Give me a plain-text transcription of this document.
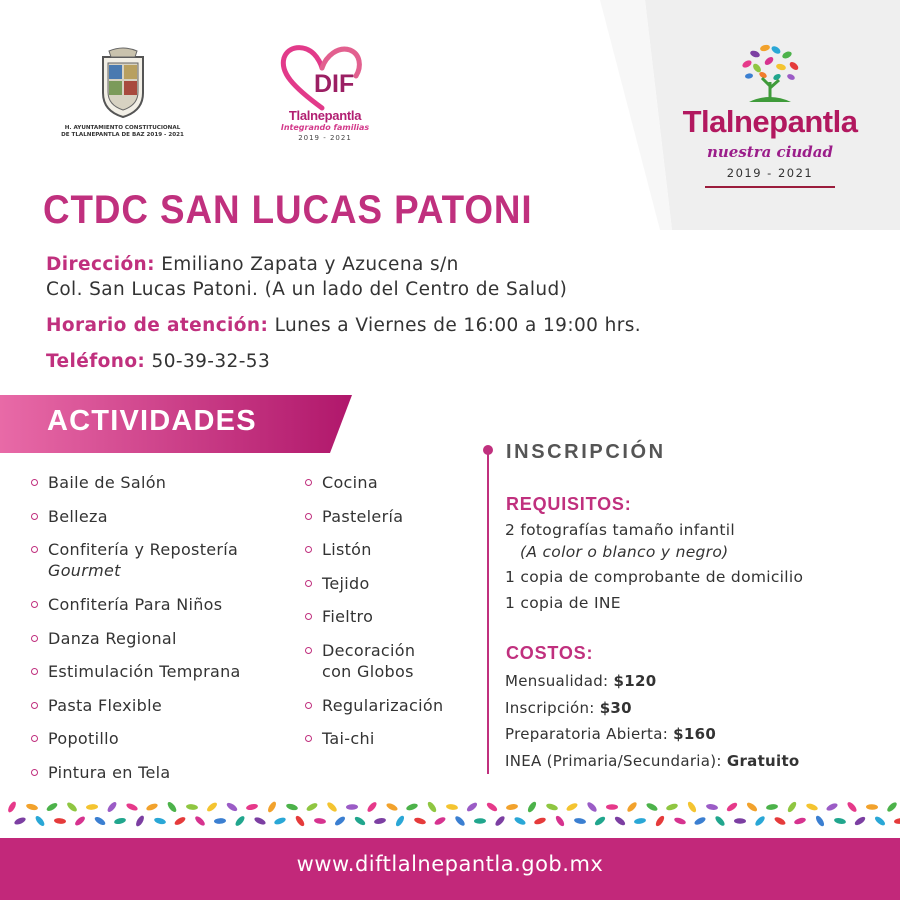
H. AYUNTAMIENTO CONSTITUCIONAL
DE TLALNEPANTLA DE BAZ 2019 - 2021
DIF
Tlalnepantla
Integrando familias
2019 - 2021	Tlalnepantla
nuestra ciudad
2019 - 2021
CTDC SAN LUCAS PATONI
Dirección: Emiliano Zapata y Azucena s/n
Col. San Lucas Patoni. (A un lado del Centro de Salud)
Horario de atención: Lunes a Viernes de 16:00 a 19:00 hrs.
Teléfono: 50-39-32-53
ACTIVIDADES
Baile de Salón
Belleza
Confitería y Repostería
Gourmet
Confitería Para Niños
Danza Regional
Estimulación Temprana
Pasta Flexible
Popotillo
Pintura en Tela
Cocina
Pastelería
Listón
Tejido
Fieltro
Decoración
con Globos
Regularización
Tai-chi
INSCRIPCIÓN
REQUISITOS:
2 fotografías tamaño infantil
(A color o blanco y negro)
1 copia de comprobante de domicilio
1 copia de INE
COSTOS:
Mensualidad: $120
Inscripción: $30
Preparatoria Abierta: $160
INEA (Primaria/Secundaria): Gratuito
www.diftlalnepantla.gob.mx
